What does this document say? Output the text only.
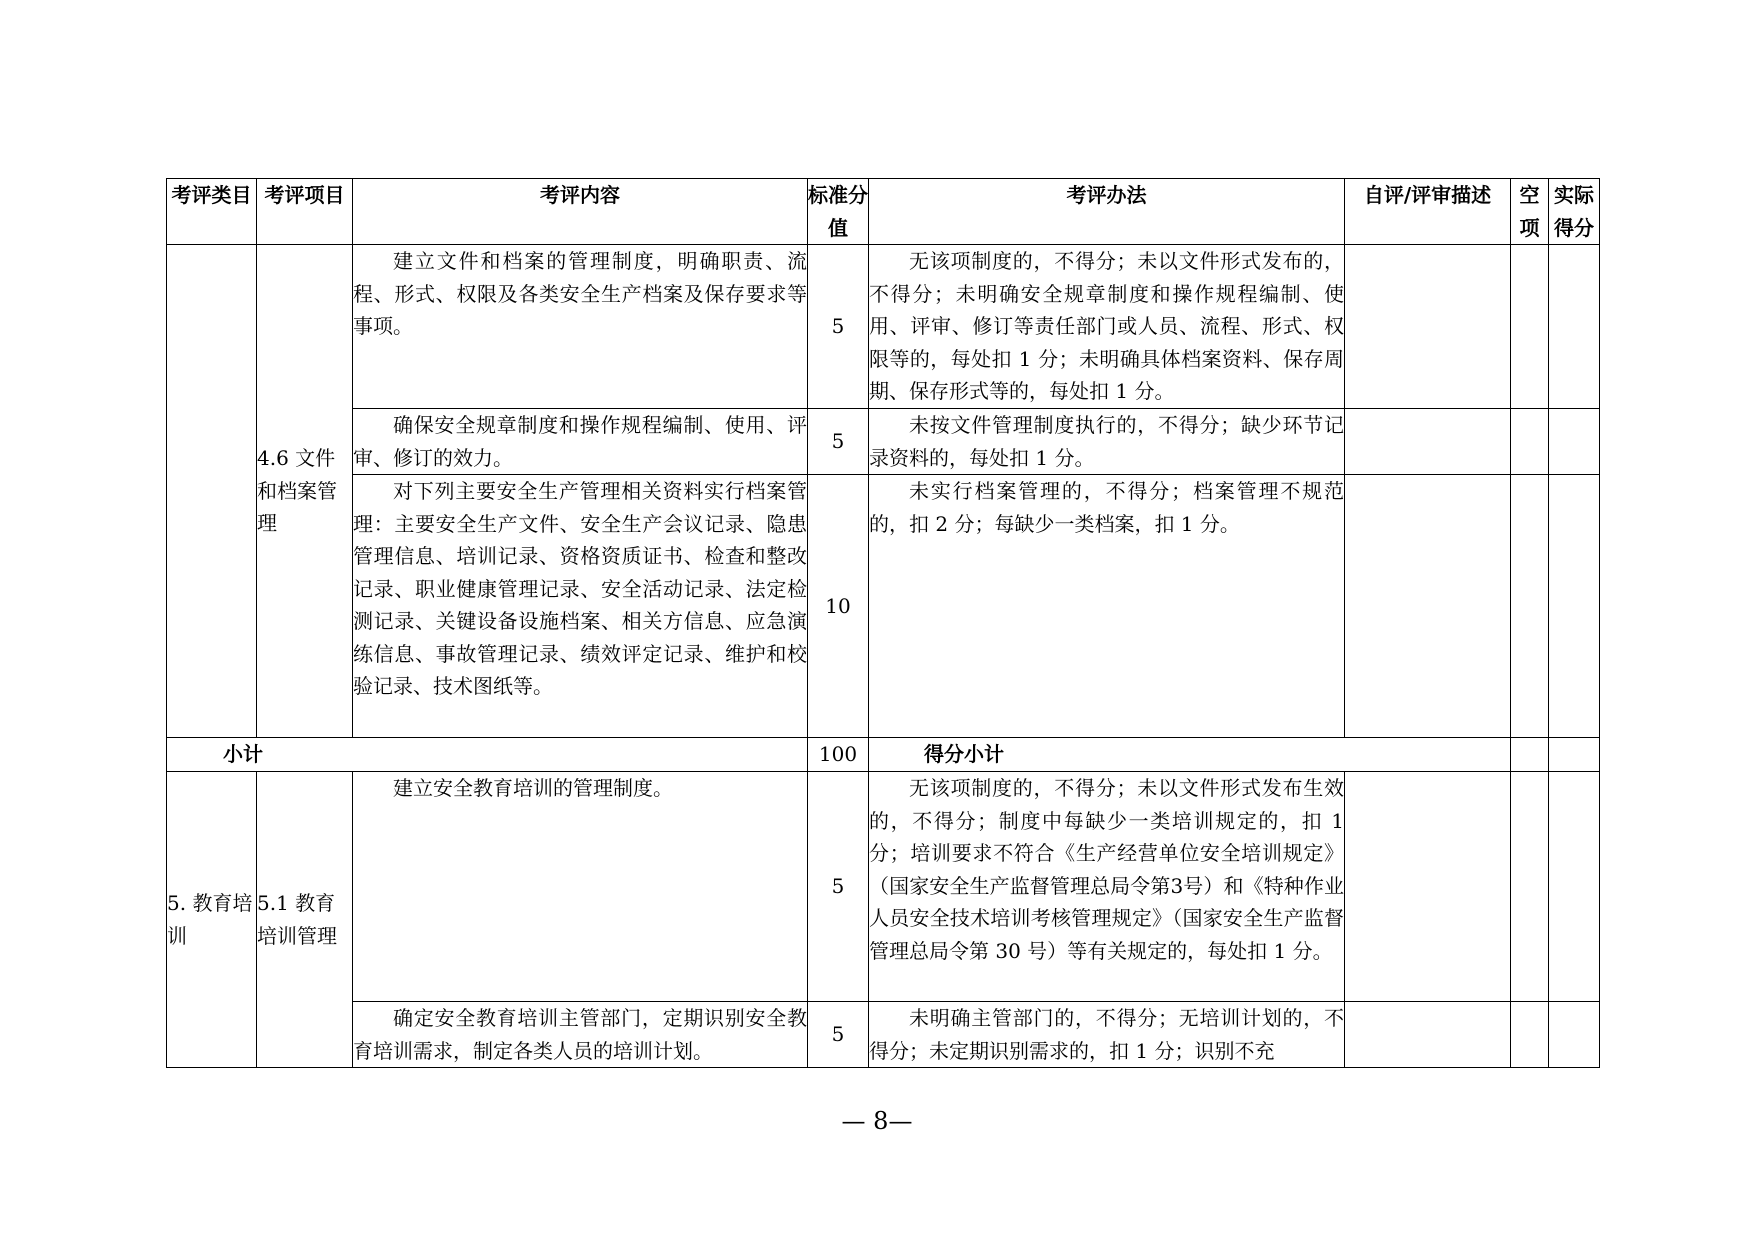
考评类目	考评项目	考评内容	标准分值	考评办法	自评/评审描述	空项	实际得分
	4.6 文件和档案管理	建立文件和档案的管理制度，明确职责、流程、形式、权限及各类安全生产档案及保存要求等事项。	5	无该项制度的，不得分；未以文件形式发布的，不得分；未明确安全规章制度和操作规程编制、使用、评审、修订等责任部门或人员、流程、形式、权限等的，每处扣 1 分；未明确具体档案资料、保存周期、保存形式等的，每处扣 1 分。			
		确保安全规章制度和操作规程编制、使用、评审、修订的效力。	5	未按文件管理制度执行的，不得分；缺少环节记录资料的，每处扣 1 分。			
		对下列主要安全生产管理相关资料实行档案管理：主要安全生产文件、安全生产会议记录、隐患管理信息、培训记录、资格资质证书、检查和整改记录、职业健康管理记录、安全活动记录、法定检测记录、关键设备设施档案、相关方信息、应急演练信息、事故管理记录、绩效评定记录、维护和校验记录、技术图纸等。	10	未实行档案管理的，不得分；档案管理不规范的，扣 2 分；每缺少一类档案，扣 1 分。			
小计			100	得分小计			
5. 教育培训	5.1 教育培训管理	建立安全教育培训的管理制度。	5	无该项制度的，不得分；未以文件形式发布生效的，不得分；制度中每缺少一类培训规定的，扣 1 分；培训要求不符合《生产经营单位安全培训规定》（国家安全生产监督管理总局令第3号）和《特种作业人员安全技术培训考核管理规定》（国家安全生产监督管理总局令第 30 号）等有关规定的，每处扣 1 分。			
		确定安全教育培训主管部门，定期识别安全教育培训需求，制定各类人员的培训计划。	5	未明确主管部门的，不得分；无培训计划的，不得分；未定期识别需求的，扣 1 分；识别不充			
— 8—
